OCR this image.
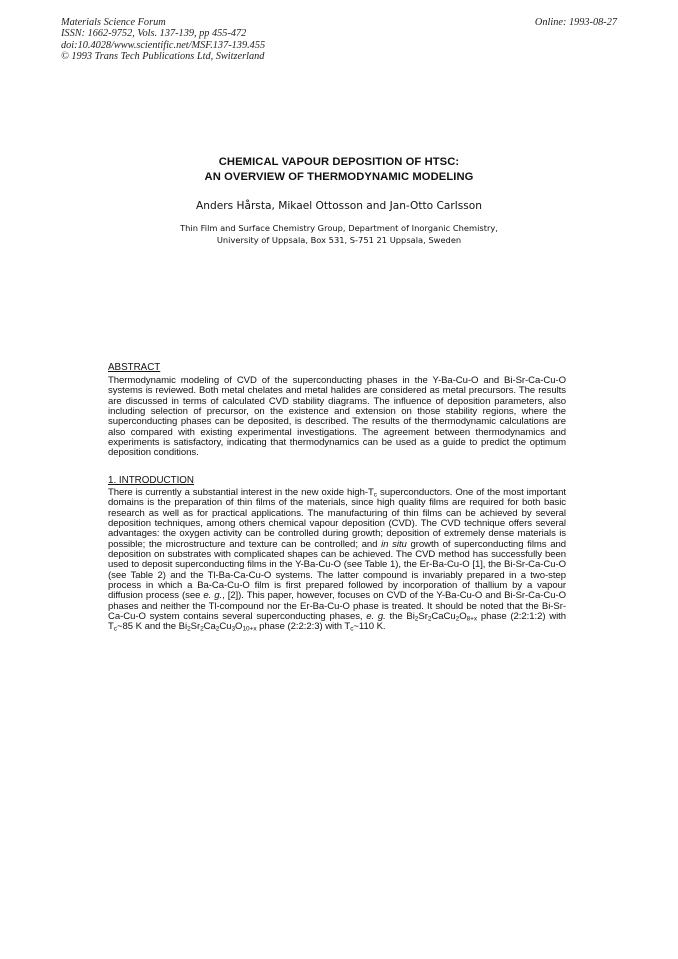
Materials Science Forum
ISSN: 1662-9752, Vols. 137-139, pp 455-472
doi:10.4028/www.scientific.net/MSF.137-139.455
© 1993 Trans Tech Publications Ltd, Switzerland
Online: 1993-08-27
CHEMICAL VAPOUR DEPOSITION OF HTSC:
AN OVERVIEW OF THERMODYNAMIC MODELING
Anders Hårsta, Mikael Ottosson and Jan-Otto Carlsson
Thin Film and Surface Chemistry Group, Department of Inorganic Chemistry,
University of Uppsala, Box 531, S-751 21 Uppsala, Sweden
ABSTRACT
Thermodynamic modeling of CVD of the superconducting phases in the Y-Ba-Cu-O and Bi-Sr-Ca-Cu-O systems is reviewed. Both metal chelates and metal halides are considered as metal precursors. The results are discussed in terms of calculated CVD stability diagrams. The influence of deposition parameters, also including selection of precursor, on the existence and extension on those stability regions, where the superconducting phases can be deposited, is described. The results of the thermodynamic calculations are also compared with existing experimental investigations. The agreement between thermodynamics and experiments is satisfactory, indicating that thermodynamics can be used as a guide to predict the optimum deposition conditions.
1. INTRODUCTION
There is currently a substantial interest in the new oxide high-$T_c$ superconductors. One of the most important domains is the preparation of thin films of the materials, since high quality films are required for both basic research as well as for practical applications. The manufacturing of thin films can be achieved by several deposition techniques, among others chemical vapour deposition (CVD). The CVD technique offers several advantages: the oxygen activity can be controlled during growth; deposition of extremely dense materials is possible; the microstructure and texture can be controlled; and in situ growth of superconducting films and deposition on substrates with complicated shapes can be achieved. The CVD method has successfully been used to deposit superconducting films in the Y-Ba-Cu-O (see Table 1), the Er-Ba-Cu-O [1], the Bi-Sr-Ca-Cu-O (see Table 2) and the Tl-Ba-Ca-Cu-O systems. The latter compound is invariably prepared in a two-step process in which a Ba-Ca-Cu-O film is first prepared followed by incorporation of thallium by a vapour diffusion process (see e. g., [2]). This paper, however, focuses on CVD of the Y-Ba-Cu-O and Bi-Sr-Ca-Cu-O phases and neither the Tl-compound nor the Er-Ba-Cu-O phase is treated. It should be noted that the Bi-Sr-Ca-Cu-O system contains several superconducting phases, e. g. the $Bi_2Sr_2CaCu_2O_{8+x}$ phase (2:2:1:2) with $T_c\sim 85$ K and the $Bi_2Sr_2Ca_2Cu_3O_{10+x}$ phase (2:2:2:3) with $T_c\sim 110$ K.
